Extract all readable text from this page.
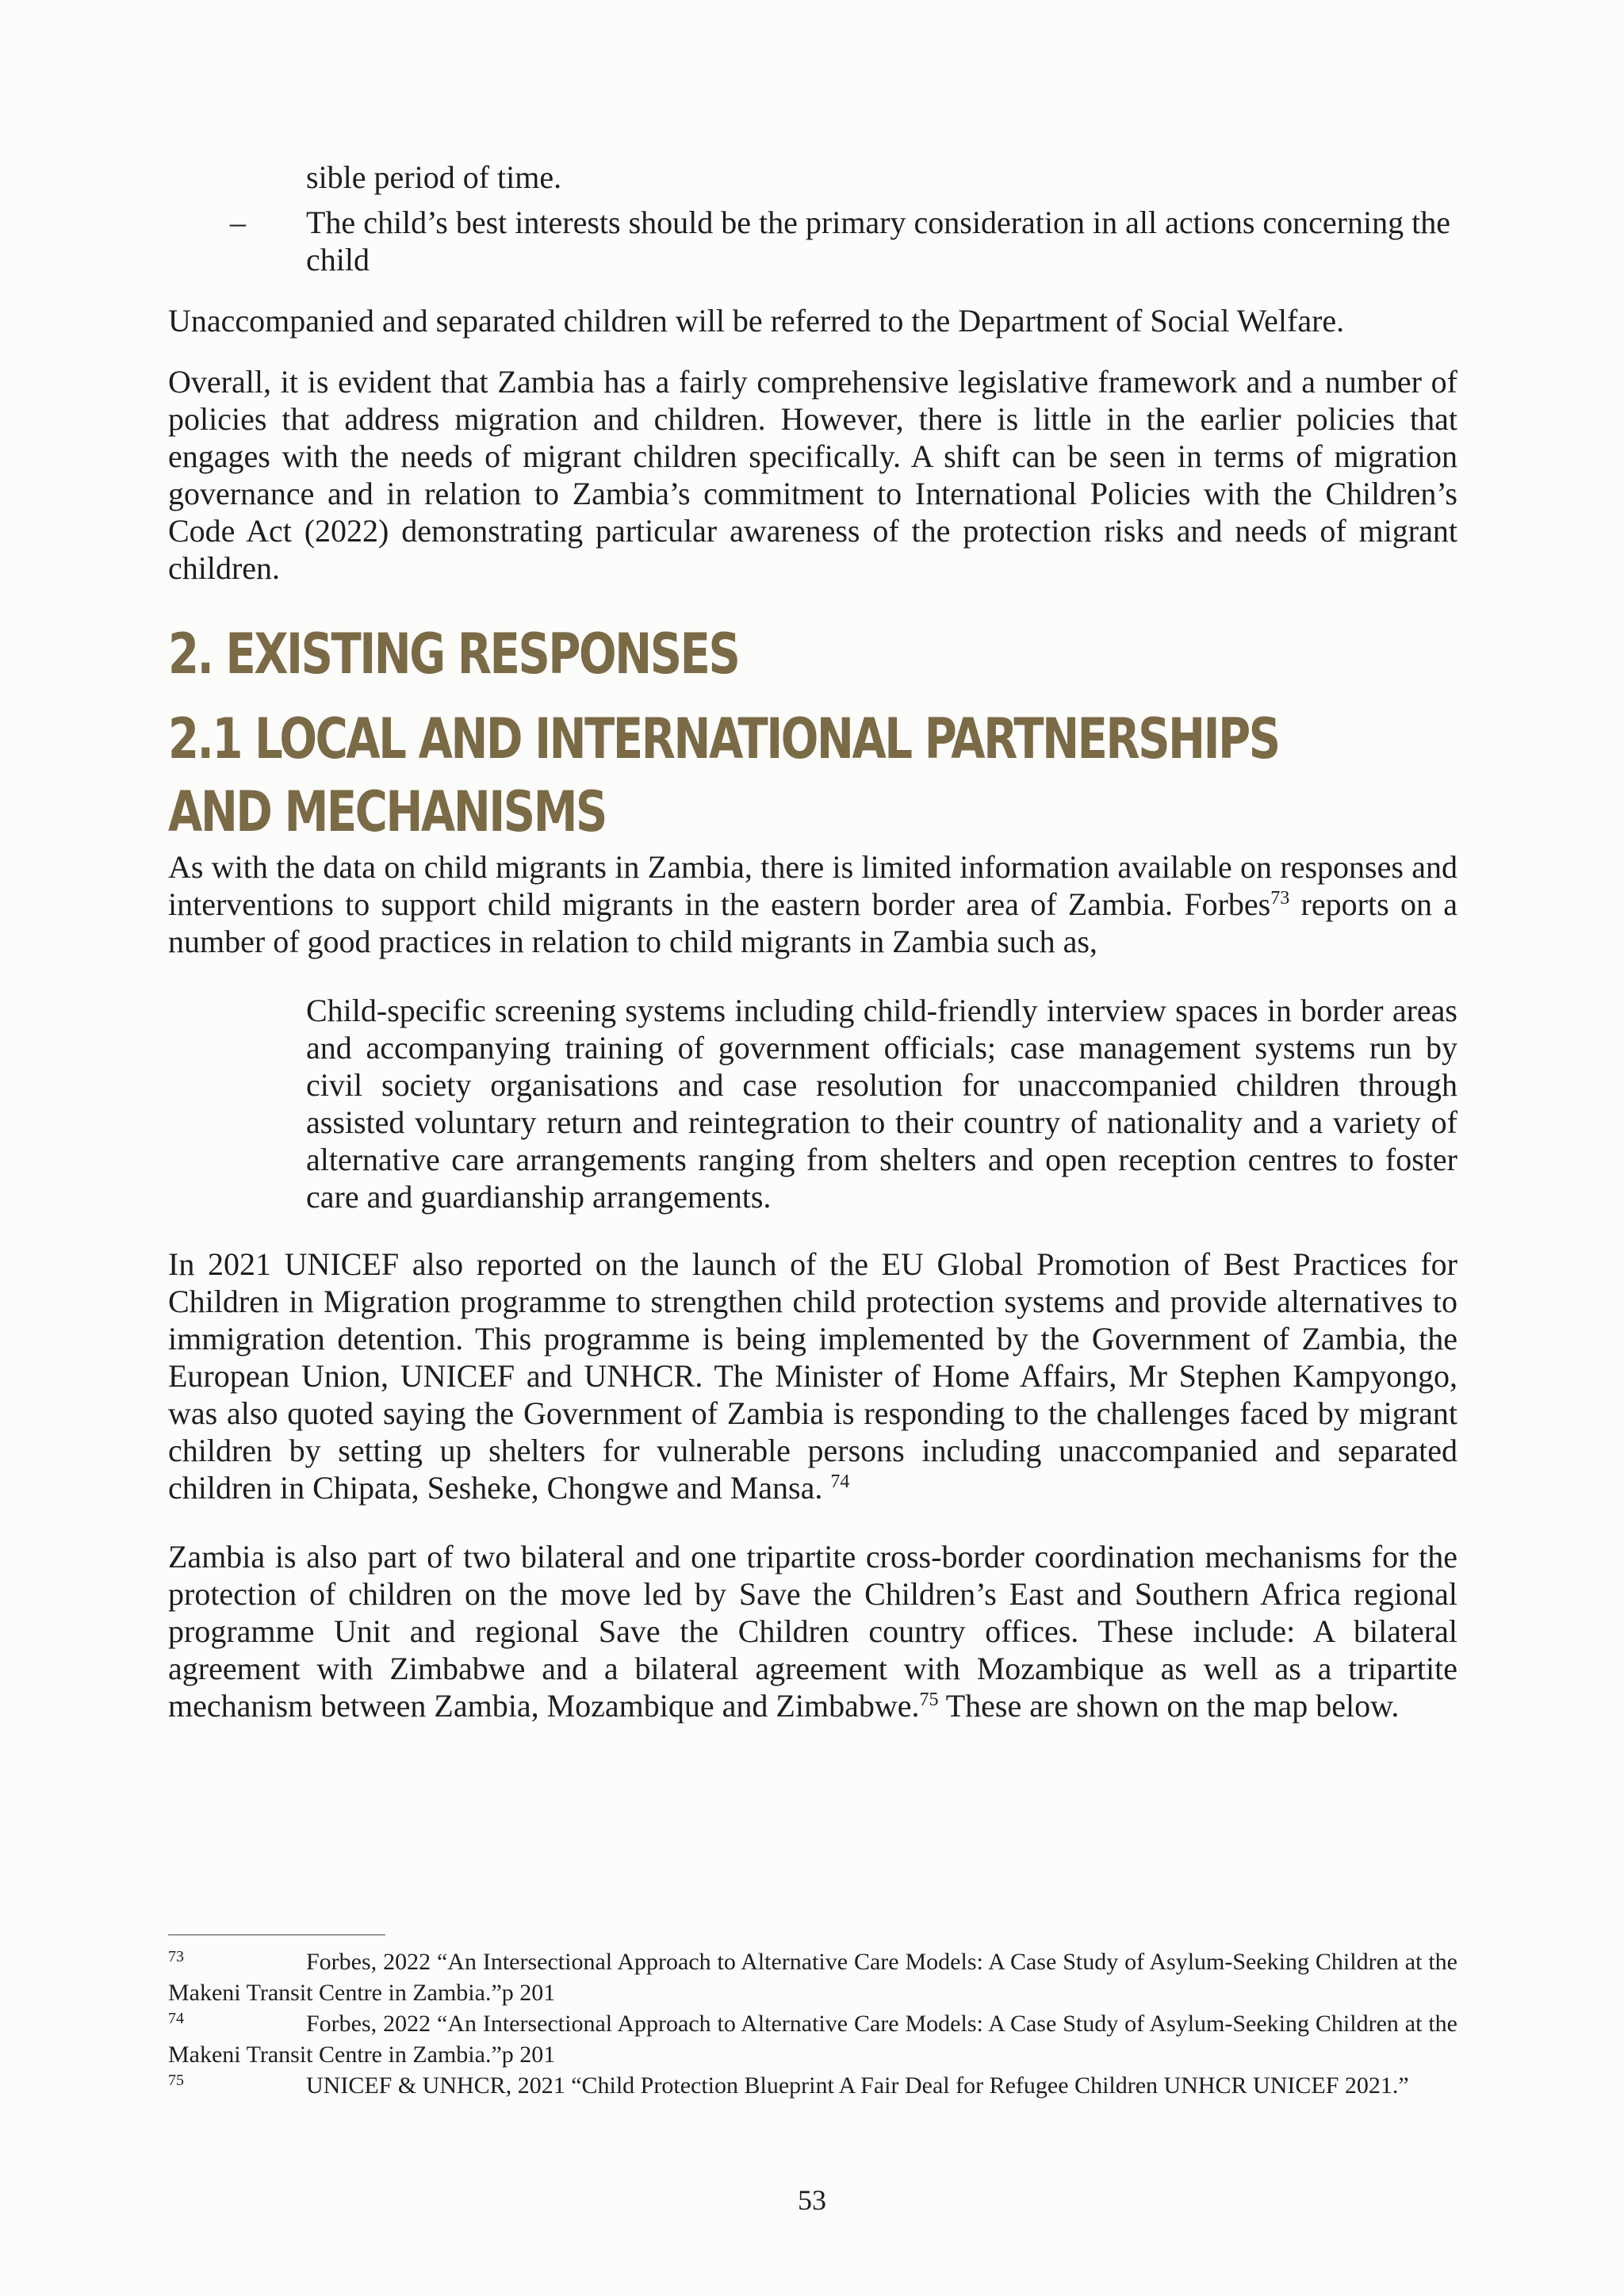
sible period of time.

– The child’s best interests should be the primary consideration in all actions concerning the child

Unaccompanied and separated children will be referred to the Department of Social Welfare.

Overall, it is evident that Zambia has a fairly comprehensive legislative framework and a number of policies that address migration and children. However, there is little in the earlier policies that engages with the needs of migrant children specifically. A shift can be seen in terms of migration governance and in relation to Zambia’s commitment to International Policies with the Children’s Code Act (2022) demonstrating particular awareness of the protection risks and needs of migrant children.

2. EXISTING RESPONSES
2.1 LOCAL AND INTERNATIONAL PARTNERSHIPS
AND MECHANISMS

As with the data on child migrants in Zambia, there is limited information available on responses and interventions to support child migrants in the eastern border area of Zambia. Forbes$^{73}$ reports on a number of good practices in relation to child migrants in Zambia such as,

Child-specific screening systems including child-friendly interview spaces in border areas and accompanying training of government officials; case management systems run by civil society organisations and case resolution for unaccompanied children through assisted voluntary return and reintegration to their country of nationality and a variety of alternative care arrangements ranging from shelters and open reception centres to foster care and guardianship arrangements.

In 2021 UNICEF also reported on the launch of the EU Global Promotion of Best Practices for Children in Migration programme to strengthen child protection systems and provide alternatives to immigration detention. This programme is being implemented by the Government of Zambia, the European Union, UNICEF and UNHCR. The Minister of Home Affairs, Mr Stephen Kampyongo, was also quoted saying the Government of Zambia is responding to the challenges faced by migrant children by setting up shelters for vulnerable persons including unaccompanied and separated children in Chipata, Sesheke, Chongwe and Mansa. $^{74}$

Zambia is also part of two bilateral and one tripartite cross-border coordination mechanisms for the protection of children on the move led by Save the Children’s East and Southern Africa regional programme Unit and regional Save the Children country offices. These include: A bilateral agreement with Zimbabwe and a bilateral agreement with Mozambique as well as a tripartite mechanism between Zambia, Mozambique and Zimbabwe.$^{75}$ These are shown on the map below.

73	Forbes, 2022 “An Intersectional Approach to Alternative Care Models: A Case Study of Asylum-Seeking Children at the Makeni Transit Centre in Zambia.”p 201

74	Forbes, 2022 “An Intersectional Approach to Alternative Care Models: A Case Study of Asylum-Seeking Children at the Makeni Transit Centre in Zambia.”p 201

75	UNICEF & UNHCR, 2021 “Child Protection Blueprint A Fair Deal for Refugee Children UNHCR UNICEF 2021.”

53
